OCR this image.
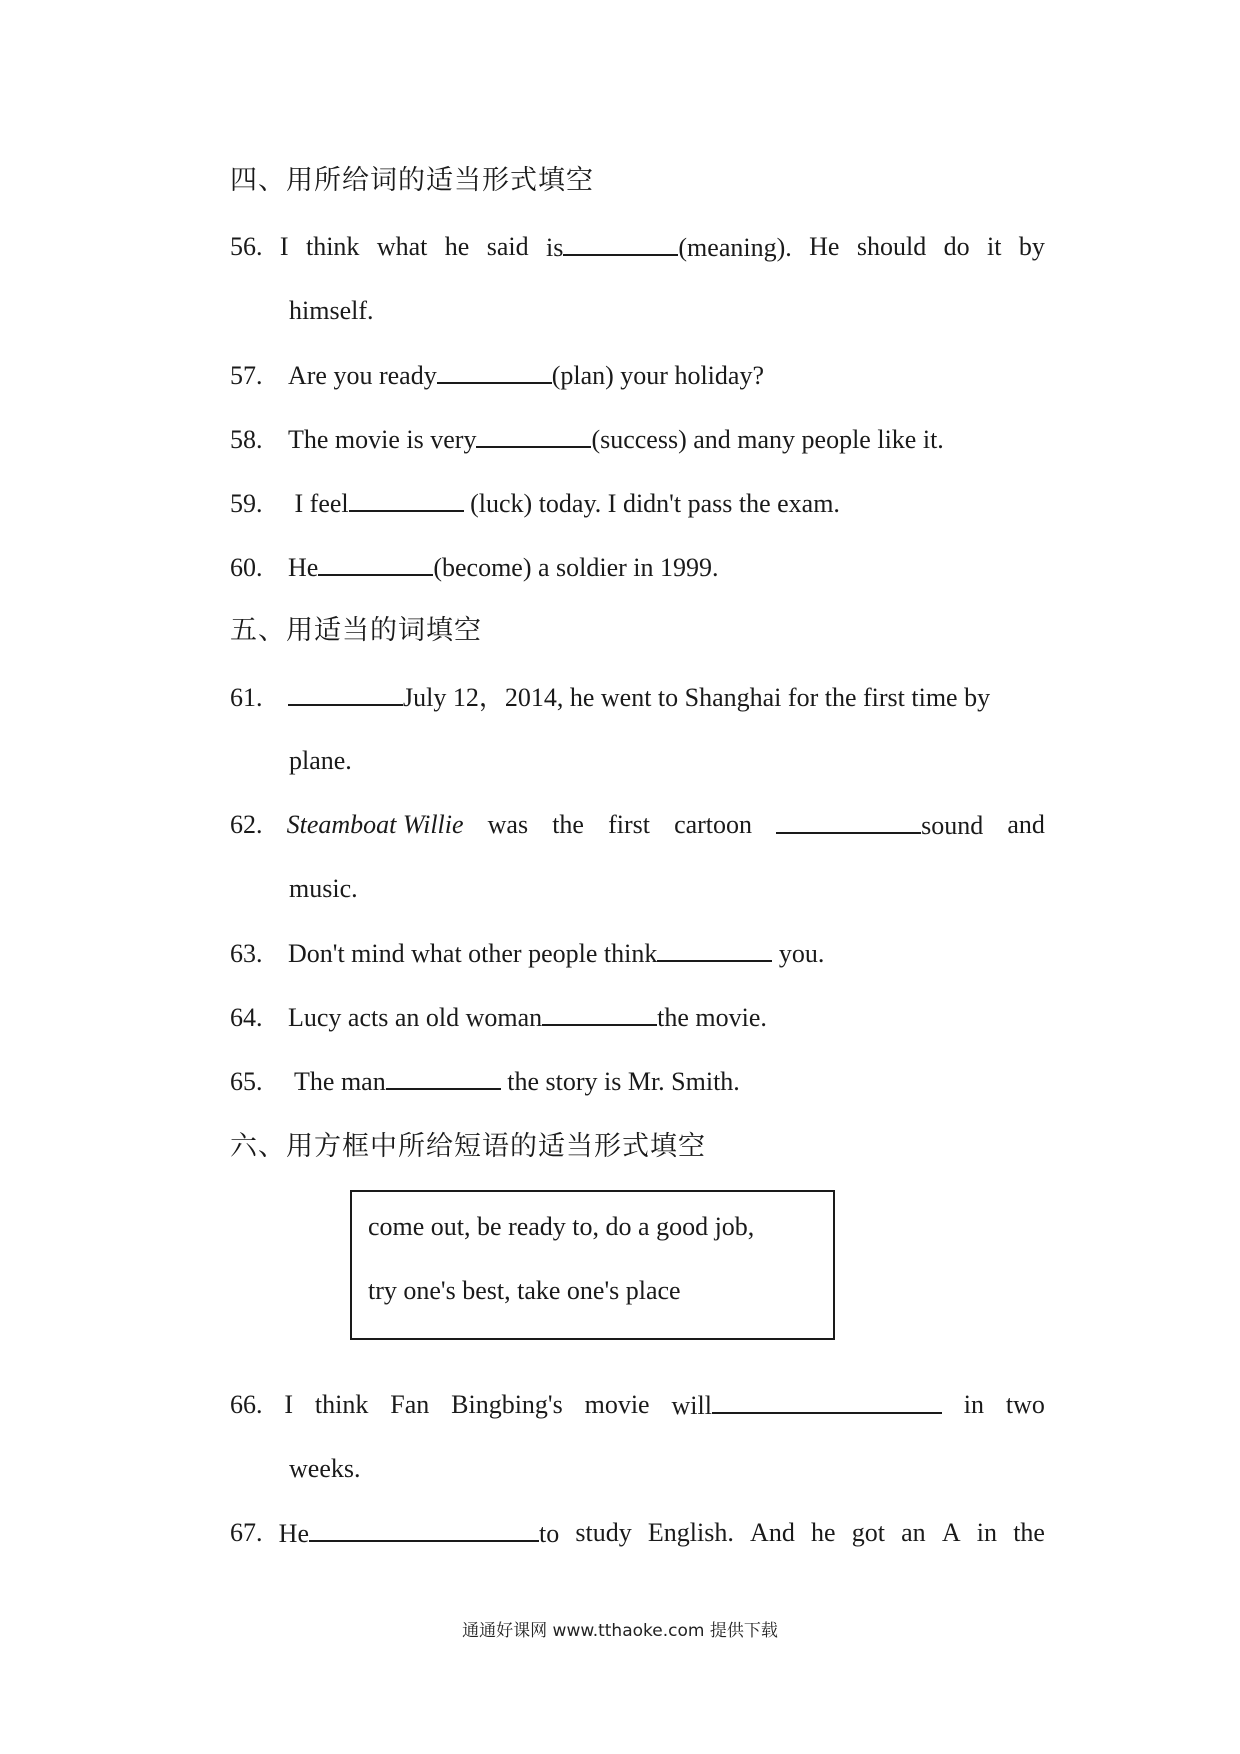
四、用所给词的适当形式填空
56. I think what he said is	(meaning). He should do it by
himself.
57. Are you ready	(plan) your holiday?
58. The movie is very	(success) and many people like it.
59. I feel	(luck) today. I didn't pass the exam.
60. He	(become) a soldier in 1999.
五、用适当的词填空
61.	July 12，2014, he went to Shanghai for the first time by
plane.
62. Steamboat Willie was the first cartoon	sound and
music.
63. Don't mind what other people think	you.
64. Lucy acts an old woman	the movie.
65. The man	the story is Mr. Smith.
六、用方框中所给短语的适当形式填空
come out, be ready to, do a good job,
try one's best, take one's place
66. I think Fan Bingbing's movie will	in two
weeks.
67. He	to study English. And he got an A in the
通通好课网 www.tthaoke.com 提供下载
